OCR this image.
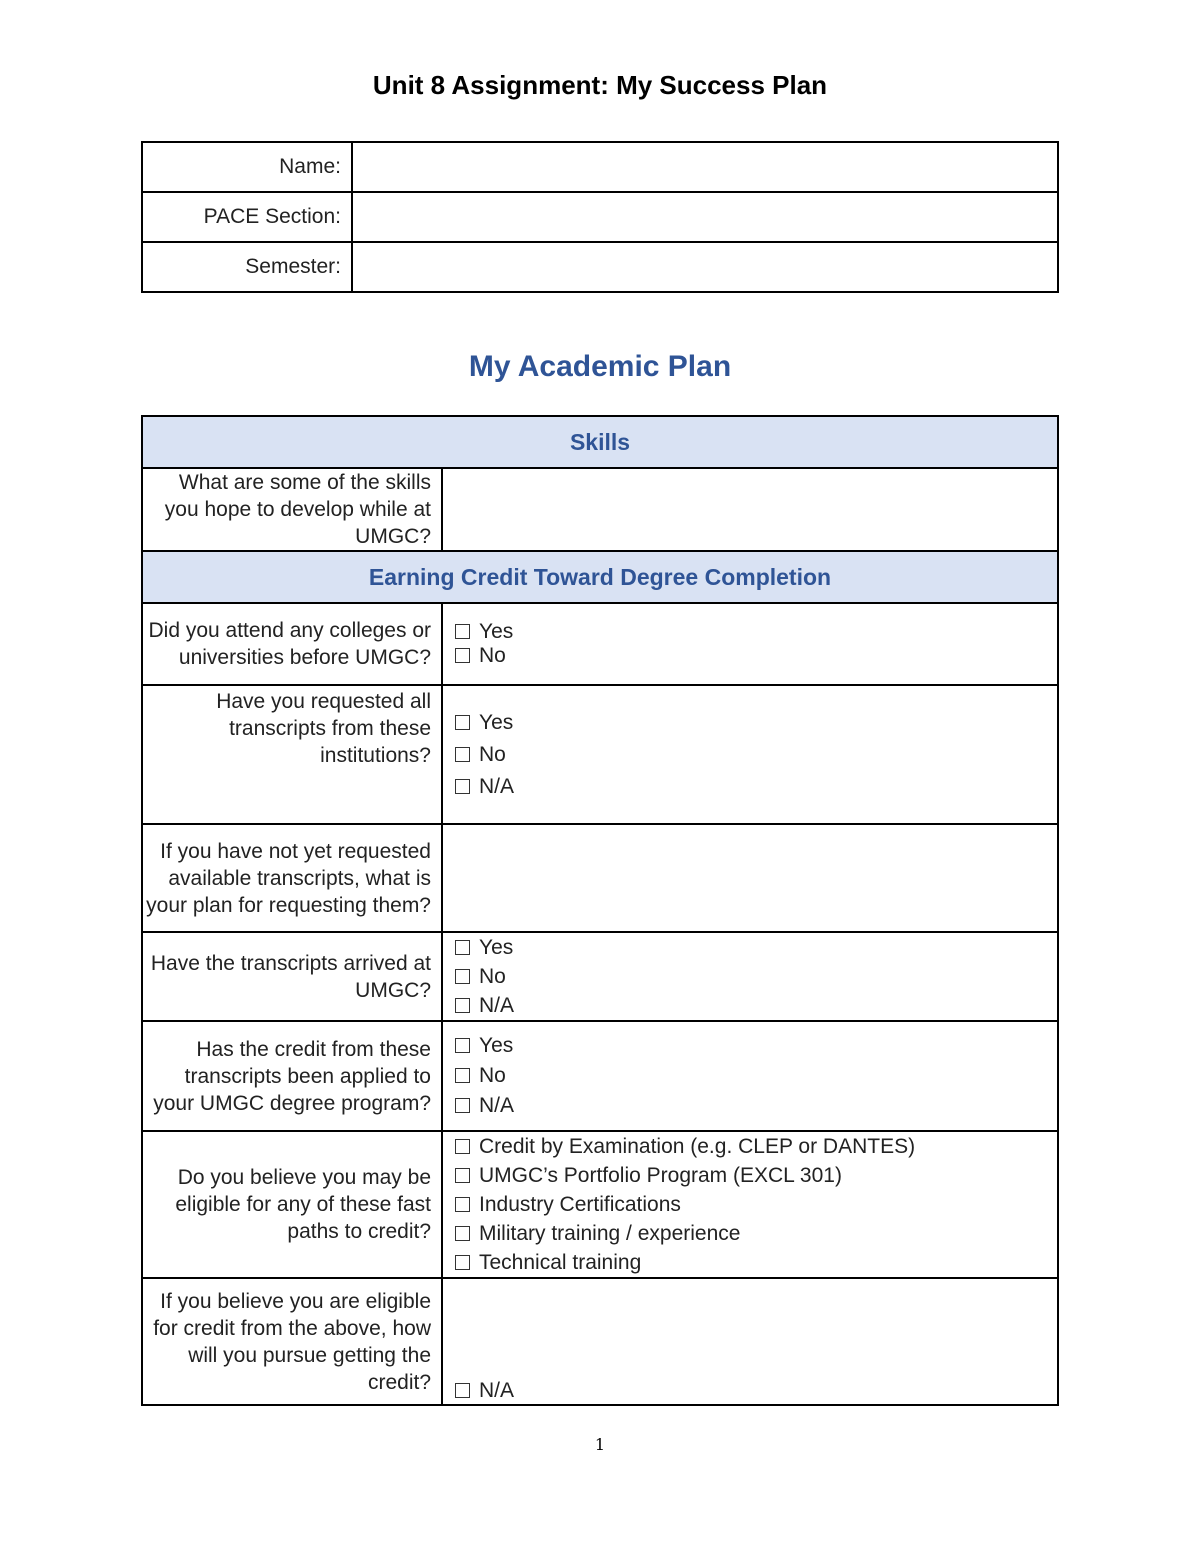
Unit 8 Assignment: My Success Plan
Name:	
PACE Section:	
Semester:	
My Academic Plan
Skills	
What are some of the skills you hope to develop while at UMGC?	
Earning Credit Toward Degree Completion	
Did you attend any colleges or universities before UMGC?	Yes
No

Have you requested all transcripts from these institutions?	Yes
No
N/A

If you have not yet requested available transcripts, what is your plan for requesting them?	
Have the transcripts arrived at UMGC?	Yes
No
N/A

Has the credit from these transcripts been applied to your UMGC degree program?	Yes
No
N/A

Do you believe you may be eligible for any of these fast paths to credit?	Credit by Examination (e.g. CLEP or DANTES)
UMGC’s Portfolio Program (EXCL 301)
Industry Certifications
Military training / experience
Technical training

If you believe you are eligible for credit from the above, how will you pursue getting the credit?	N/A
1
